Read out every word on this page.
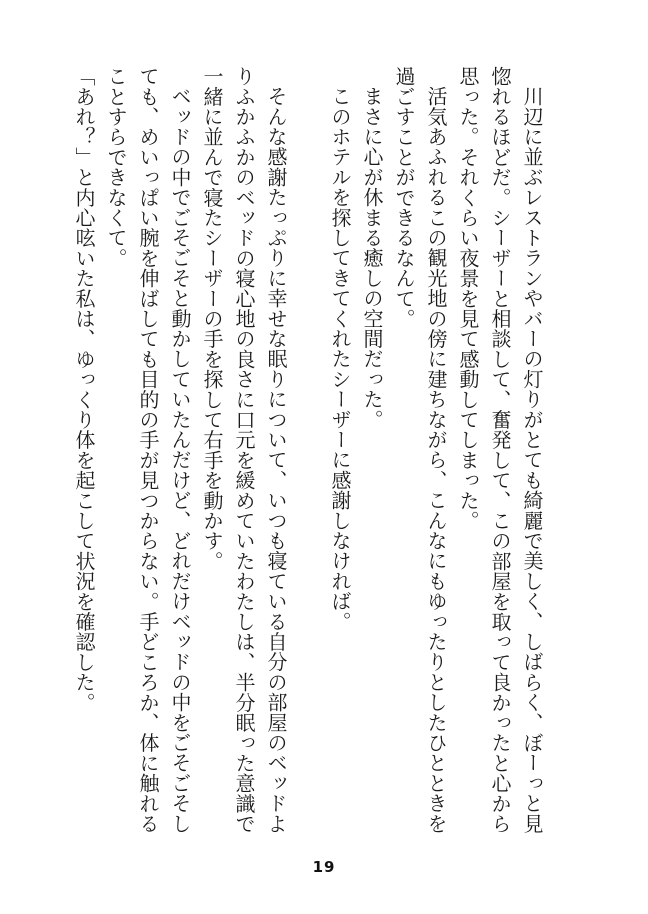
川辺に並ぶレストランやバーの灯りがとても綺麗で美しく、しばらく、ぼーっと見惚れるほどだ。シーザーと相談して、奮発して、この部屋を取って良かったと心から思った。それくらい夜景を見て感動してしまった。

活気あふれるこの観光地の傍に建ちながら、こんなにもゆったりとしたひとときを過ごすことができるなんて。

まさに心が休まる癒しの空間だった。

このホテルを探してきてくれたシーザーに感謝しなければ。

そんな感謝たっぷりに幸せな眠りについて、いつも寝ている自分の部屋のベッドよりふかふかのベッドの寝心地の良さに口元を緩めていたわたしは、半分眠った意識で一緒に並んで寝たシーザーの手を探して右手を動かす。

ベッドの中でごそごそと動かしていたんだけど、どれだけベッドの中をごそごそしても、めいっぱい腕を伸ばしても目的の手が見つからない。手どころか、体に触れることすらできなくて。

「あれ？」と内心呟いた私は、ゆっくり体を起こして状況を確認した。

19
